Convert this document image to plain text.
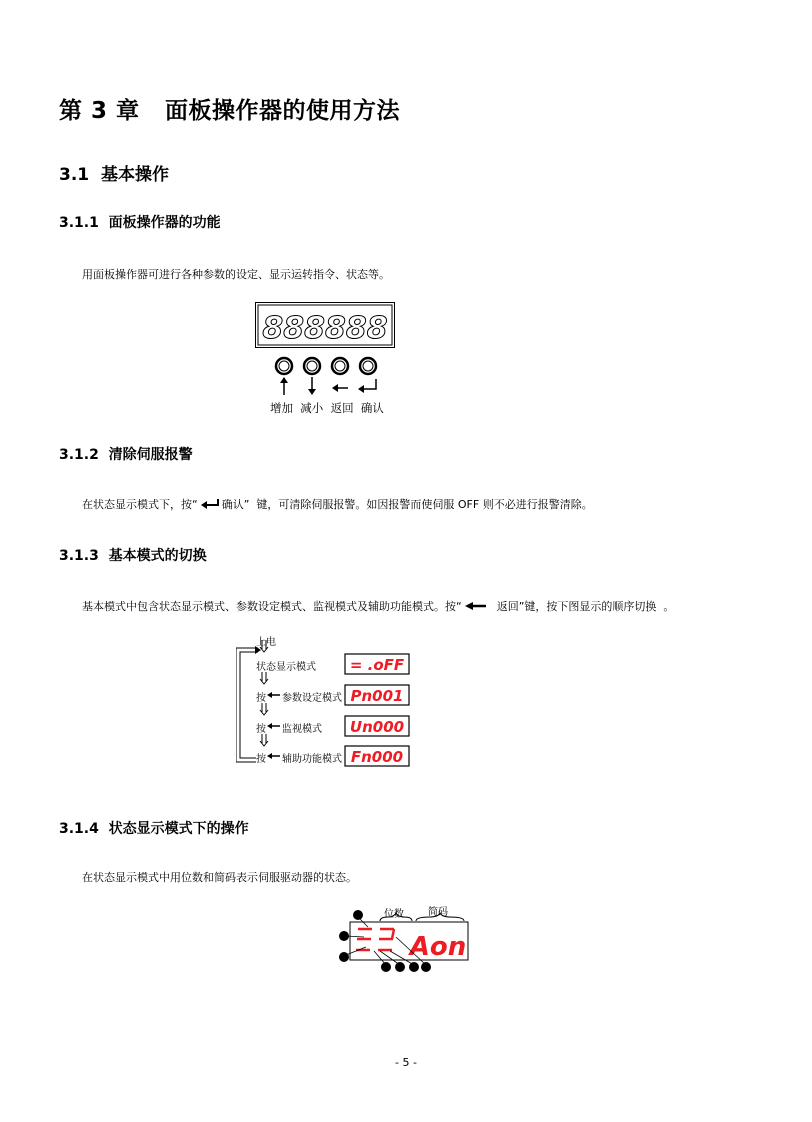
第 3 章   面板操作器的使用方法
3.1  基本操作
3.1.1  面板操作器的功能
用面板操作器可进行各种参数的设定、显示运转指令、状态等。
888888
增加  减小  返回  确认
3.1.2  清除伺服报警
在状态显示模式下，按“ 确认”  键，可清除伺服报警。如因报警而使伺服 OFF 则不必进行报警清除。
3.1.3  基本模式的切换
基本模式中包含状态显示模式、参数设定模式、监视模式及辅助功能模式。按“	返回”键，按下图显示的顺序切换  。
= .oFF
Pn001
Un000
Fn000
上电
状态显示模式
按 参数设定模式
按 监视模式
按 辅助功能模式
3.1.4  状态显示模式下的操作
在状态显示模式中用位数和简码表示伺服驱动器的状态。
Aon
位数 简码
- 5 -
